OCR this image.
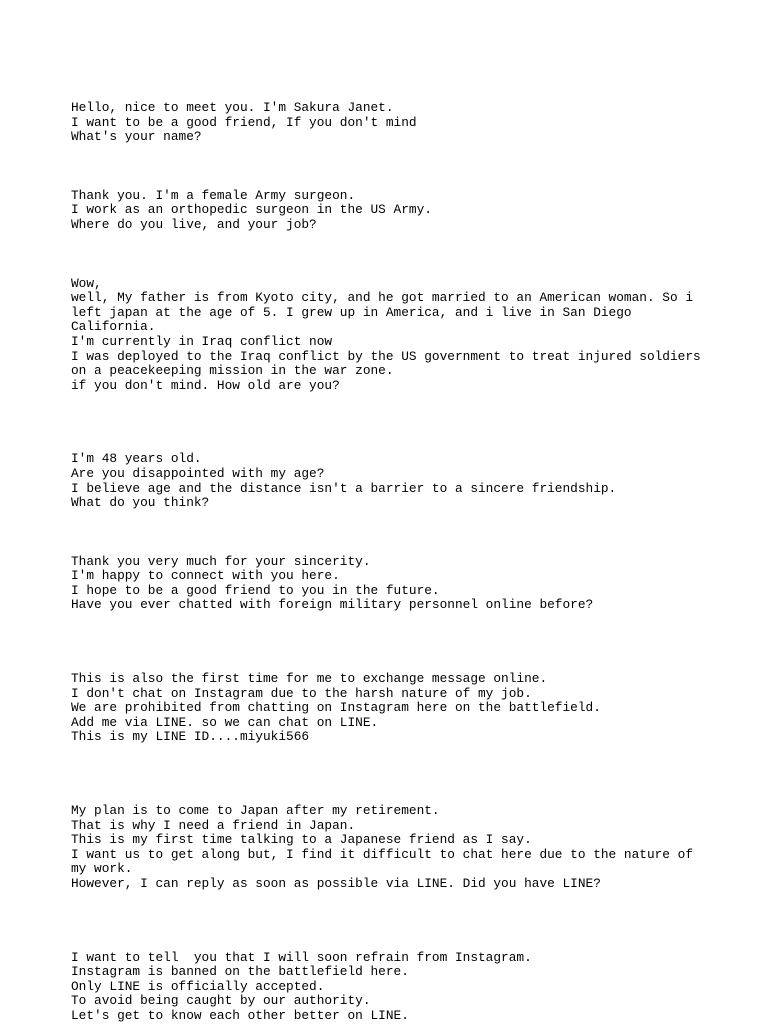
Hello, nice to meet you. I'm Sakura Janet.
I want to be a good friend, If you don't mind
What's your name?

Thank you. I'm a female Army surgeon.
I work as an orthopedic surgeon in the US Army.
Where do you live, and your job?

Wow,
well, My father is from Kyoto city, and he got married to an American woman. So i
left japan at the age of 5. I grew up in America, and i live in San Diego
California.
I'm currently in Iraq conflict now
I was deployed to the Iraq conflict by the US government to treat injured soldiers
on a peacekeeping mission in the war zone.
if you don't mind. How old are you?

I'm 48 years old.
Are you disappointed with my age?
I believe age and the distance isn't a barrier to a sincere friendship.
What do you think?

Thank you very much for your sincerity.
I'm happy to connect with you here.
I hope to be a good friend to you in the future.
Have you ever chatted with foreign military personnel online before?

This is also the first time for me to exchange message online.
I don't chat on Instagram due to the harsh nature of my job.
We are prohibited from chatting on Instagram here on the battlefield.
Add me via LINE. so we can chat on LINE.
This is my LINE ID....miyuki566

My plan is to come to Japan after my retirement.
That is why I need a friend in Japan.
This is my first time talking to a Japanese friend as I say.
I want us to get along but, I find it difficult to chat here due to the nature of
my work.
However, I can reply as soon as possible via LINE. Did you have LINE?

I want to tell  you that I will soon refrain from Instagram.
Instagram is banned on the battlefield here.
Only LINE is officially accepted.
To avoid being caught by our authority.
Let's get to know each other better on LINE.
